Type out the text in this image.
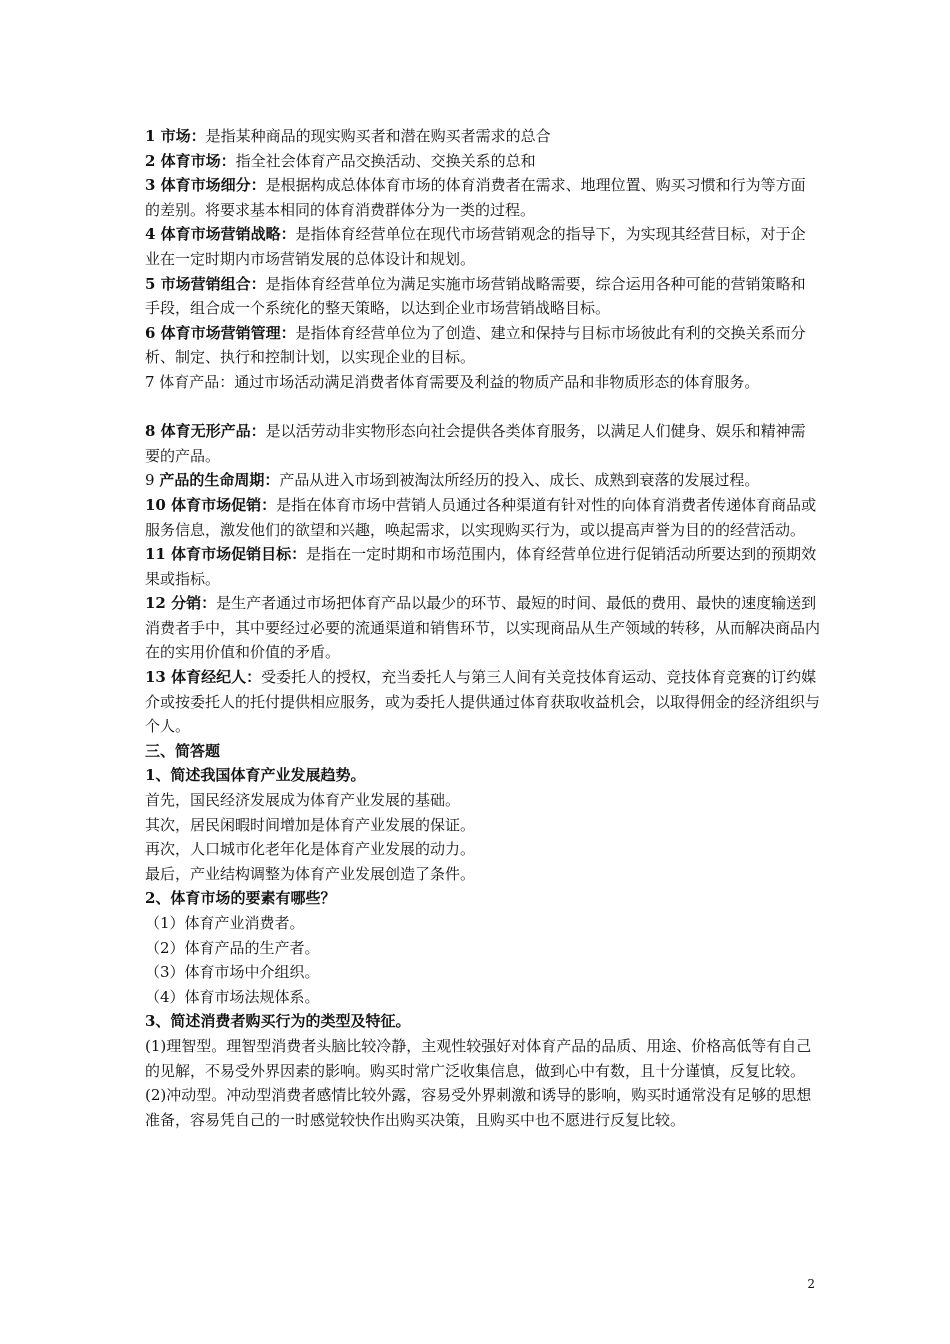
1 市场：是指某种商品的现实购买者和潜在购买者需求的总合

2 体育市场：指全社会体育产品交换活动、交换关系的总和

3 体育市场细分：是根据构成总体体育市场的体育消费者在需求、地理位置、购买习惯和行为等方面的差别。将要求基本相同的体育消费群体分为一类的过程。

4 体育市场营销战略：是指体育经营单位在现代市场营销观念的指导下，为实现其经营目标，对于企业在一定时期内市场营销发展的总体设计和规划。

5 市场营销组合：是指体育经营单位为满足实施市场营销战略需要，综合运用各种可能的营销策略和手段，组合成一个系统化的整天策略，以达到企业市场营销战略目标。

6 体育市场营销管理：是指体育经营单位为了创造、建立和保持与目标市场彼此有利的交换关系而分析、制定、执行和控制计划，以实现企业的目标。

7 体育产品：通过市场活动满足消费者体育需要及利益的物质产品和非物质形态的体育服务。

8 体育无形产品：是以活劳动非实物形态向社会提供各类体育服务，以满足人们健身、娱乐和精神需要的产品。

9 产品的生命周期：产品从进入市场到被淘汰所经历的投入、成长、成熟到衰落的发展过程。

10 体育市场促销：是指在体育市场中营销人员通过各种渠道有针对性的向体育消费者传递体育商品或服务信息，激发他们的欲望和兴趣，唤起需求，以实现购买行为，或以提高声誉为目的的经营活动。

11 体育市场促销目标：是指在一定时期和市场范围内，体育经营单位进行促销活动所要达到的预期效果或指标。

12 分销：是生产者通过市场把体育产品以最少的环节、最短的时间、最低的费用、最快的速度输送到消费者手中，其中要经过必要的流通渠道和销售环节，以实现商品从生产领域的转移，从而解决商品内在的实用价值和价值的矛盾。

13 体育经纪人：受委托人的授权，充当委托人与第三人间有关竞技体育运动、竞技体育竞赛的订约媒介或按委托人的托付提供相应服务，或为委托人提供通过体育获取收益机会，以取得佣金的经济组织与个人。

三、简答题

1、简述我国体育产业发展趋势。

首先，国民经济发展成为体育产业发展的基础。

其次，居民闲暇时间增加是体育产业发展的保证。

再次，人口城市化老年化是体育产业发展的动力。

最后，产业结构调整为体育产业发展创造了条件。

2、体育市场的要素有哪些？

（1）体育产业消费者。

（2）体育产品的生产者。

（3）体育市场中介组织。

（4）体育市场法规体系。

3、简述消费者购买行为的类型及特征。

(1)理智型。理智型消费者头脑比较冷静，主观性较强好对体育产品的品质、用途、价格高低等有自己的见解，不易受外界因素的影响。购买时常广泛收集信息，做到心中有数，且十分谨慎，反复比较。

(2)冲动型。冲动型消费者感情比较外露，容易受外界刺激和诱导的影响，购买时通常没有足够的思想准备，容易凭自己的一时感觉较快作出购买决策，且购买中也不愿进行反复比较。

2
